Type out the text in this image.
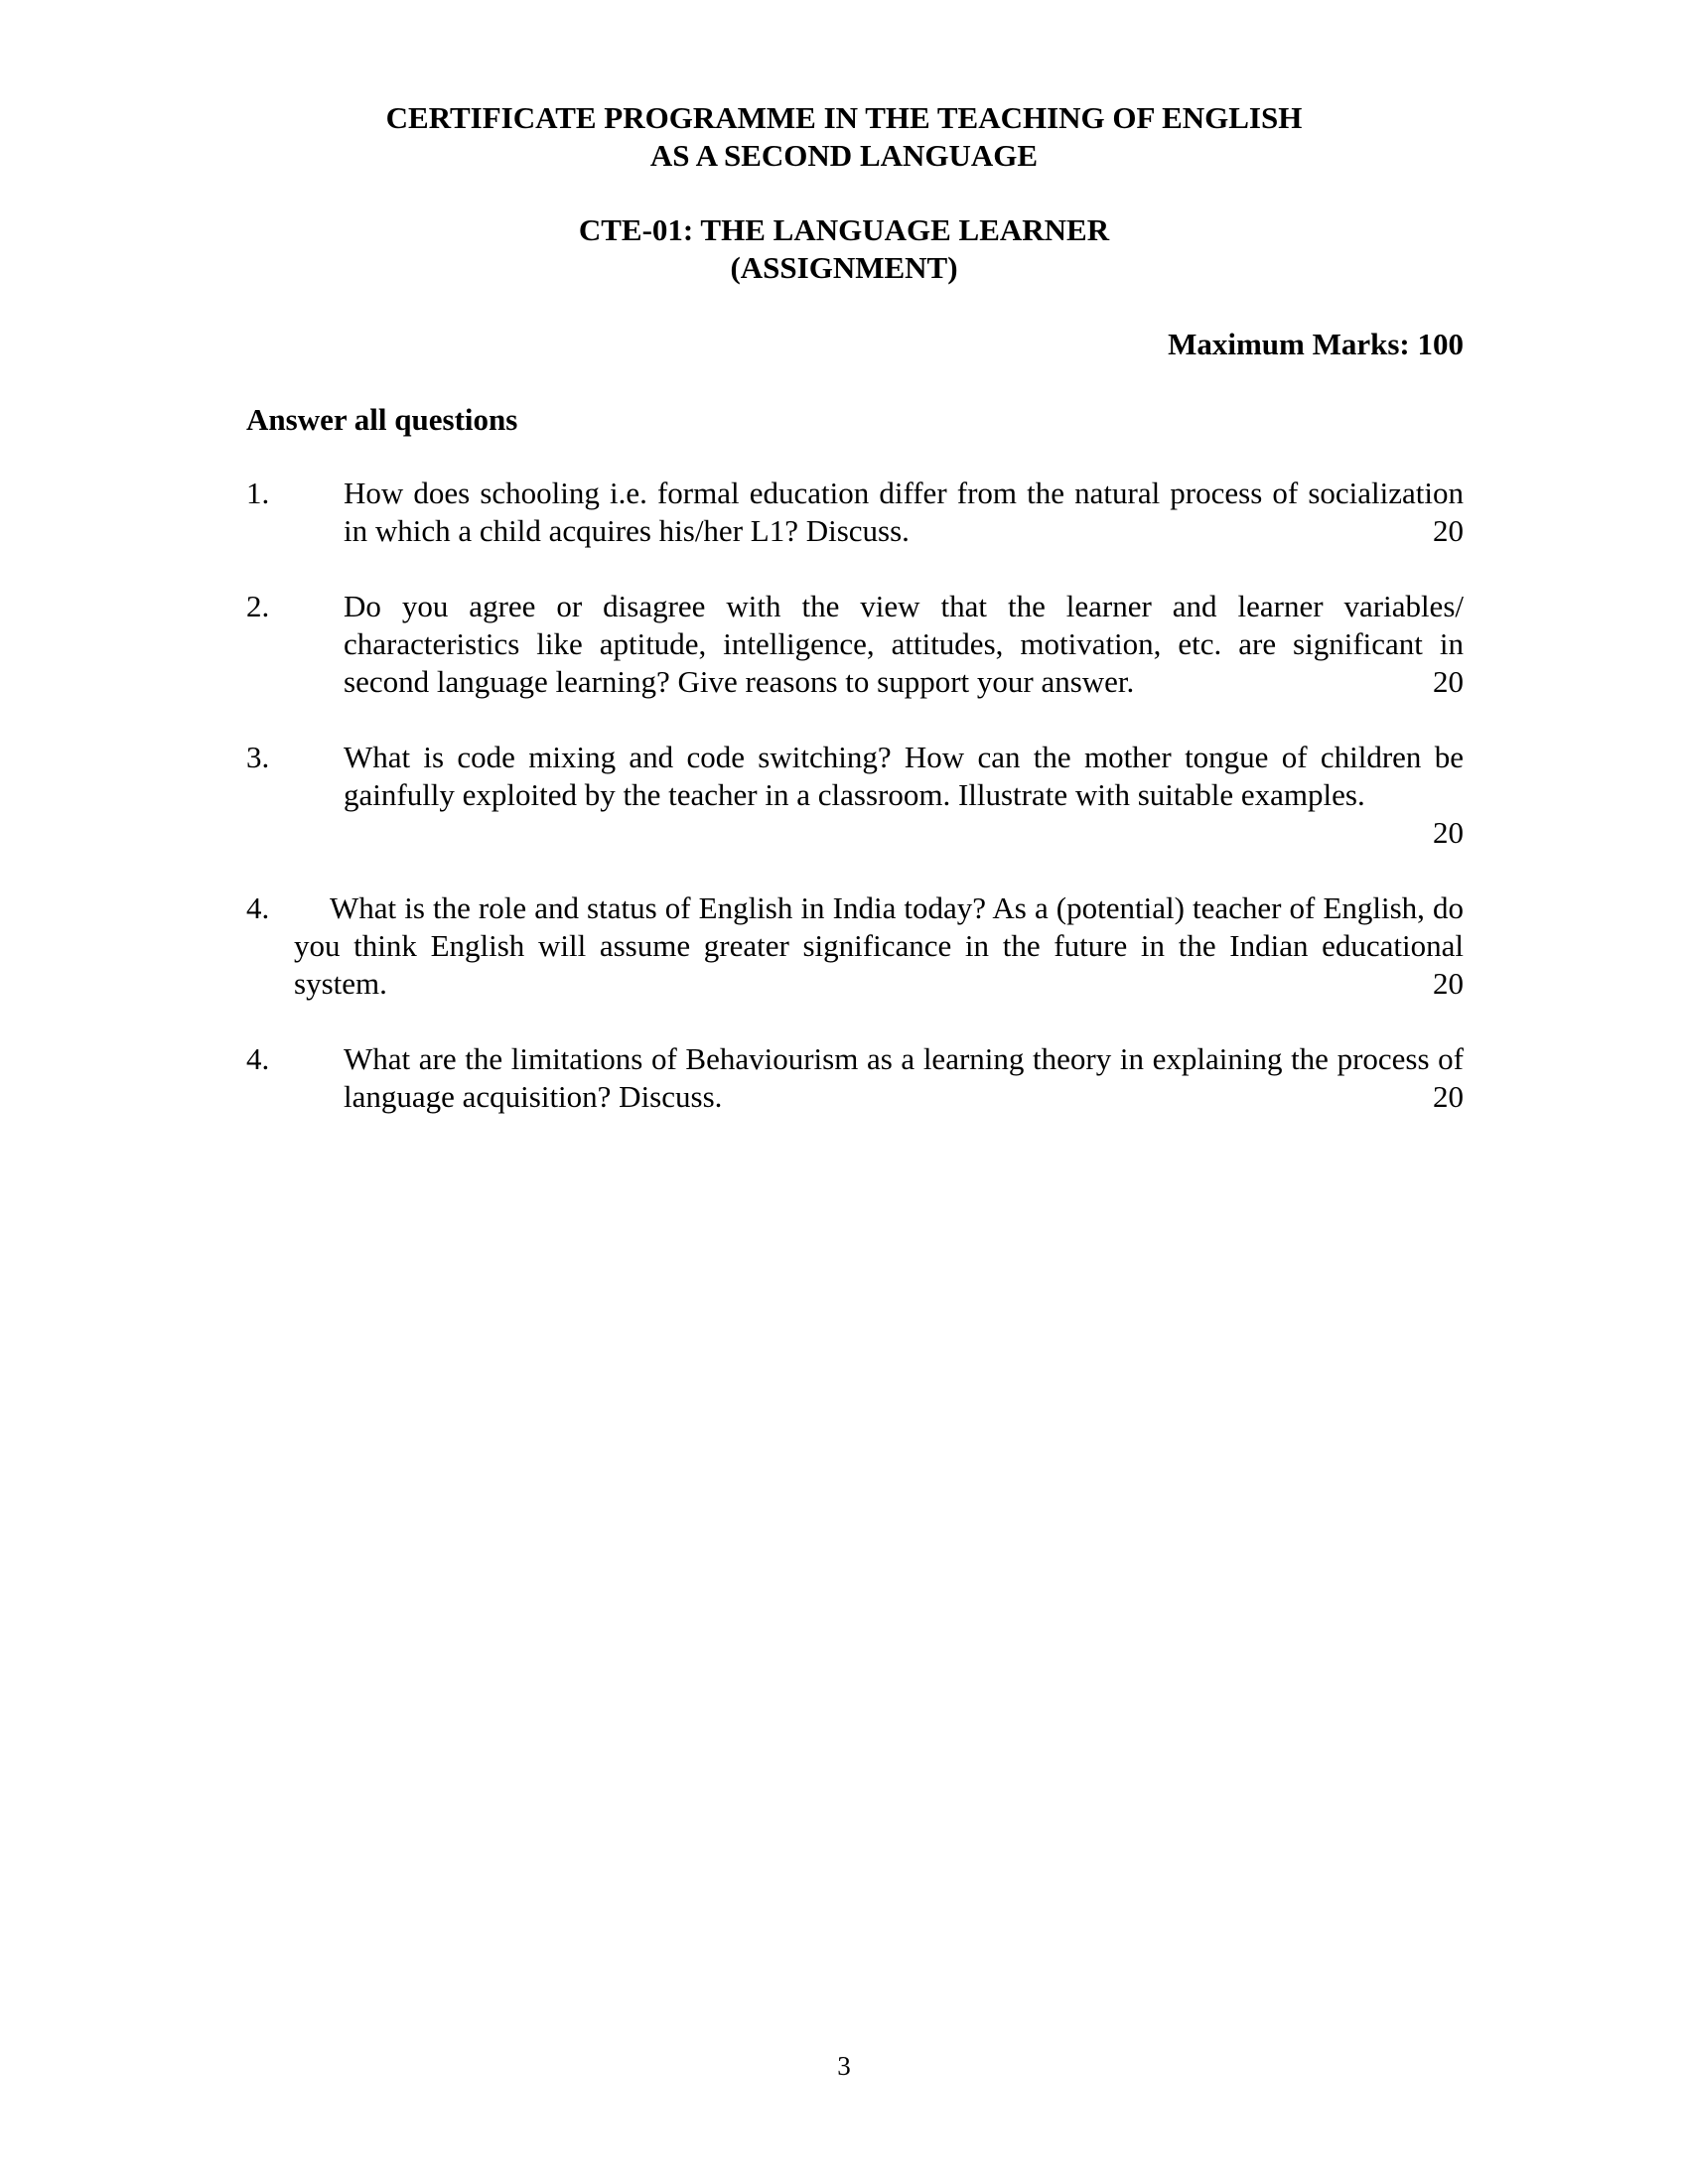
CERTIFICATE PROGRAMME IN THE TEACHING OF ENGLISH
AS A SECOND LANGUAGE
CTE-01: THE LANGUAGE LEARNER
(ASSIGNMENT)
Maximum Marks: 100
Answer all questions
1. How does schooling i.e. formal education differ from the natural process of socialization in which a child acquires his/her L1? Discuss.	20
2. Do you agree or disagree with the view that the learner and learner variables/ characteristics like aptitude, intelligence, attitudes, motivation, etc. are significant in second language learning? Give reasons to support your answer.	20
3. What is code mixing and code switching? How can the mother tongue of children be gainfully exploited by the teacher in a classroom. Illustrate with suitable examples.
20
4.	What is the role and status of English in India today? As a (potential) teacher of English, do you think English will assume greater significance in the future in the Indian educational system.	20
4. What are the limitations of Behaviourism as a learning theory in explaining the process of language acquisition? Discuss.	20
3
